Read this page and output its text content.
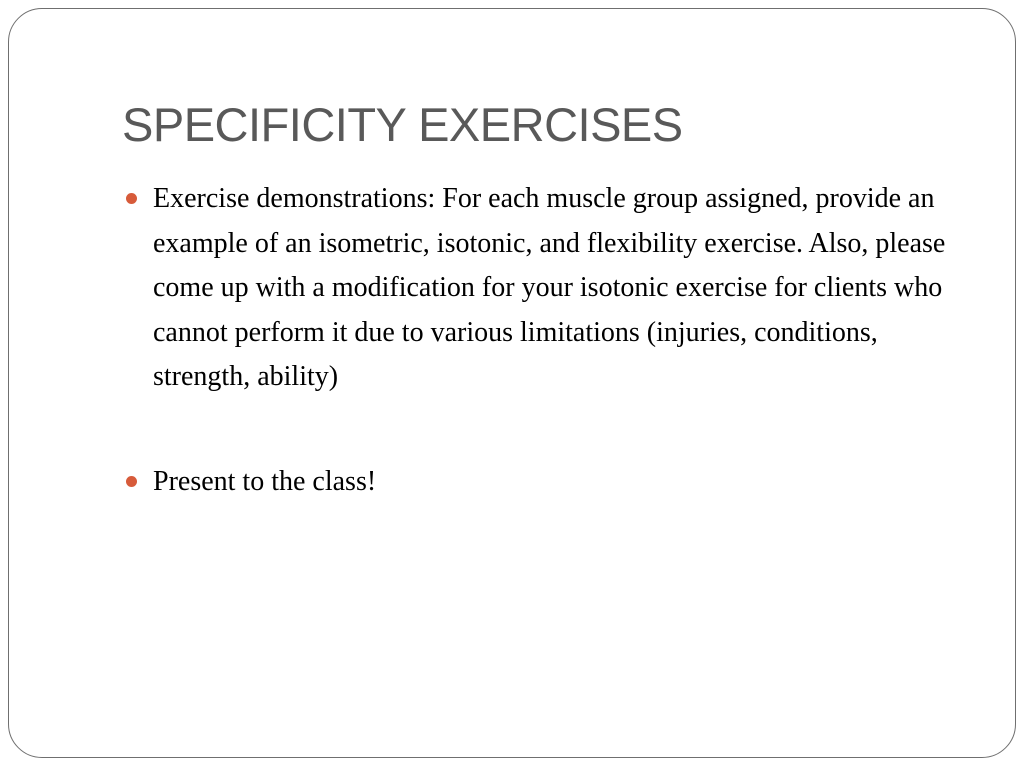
SPECIFICITY EXERCISES
Exercise demonstrations: For each muscle group assigned, provide an example of an isometric, isotonic, and flexibility exercise. Also, please come up with a modification for your isotonic exercise for clients who cannot perform it due to various limitations (injuries, conditions, strength, ability)
Present to the class!
